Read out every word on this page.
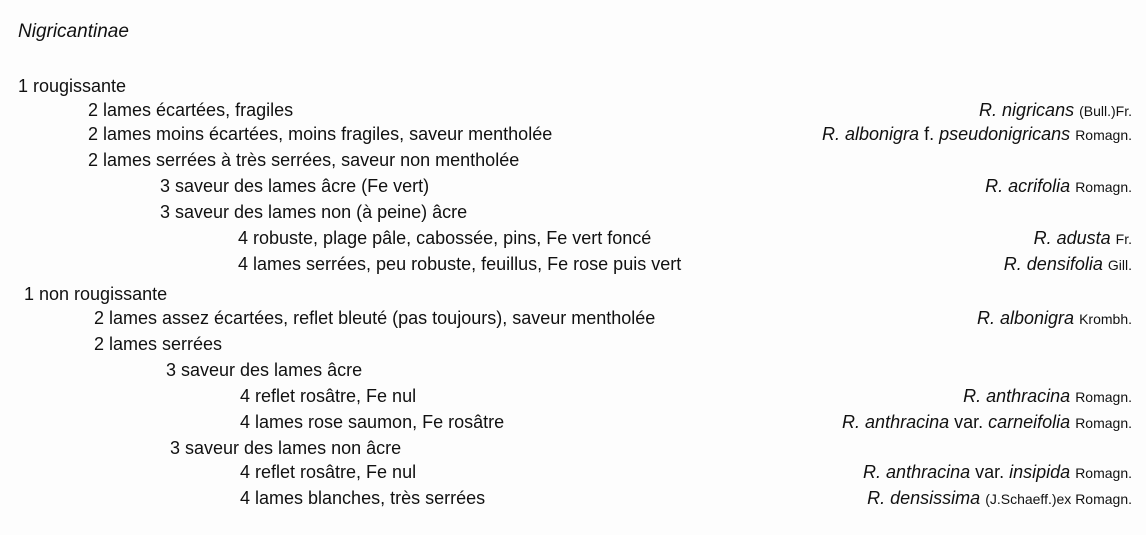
Nigricantinae
1 rougissante
2 lames écartées, fragiles	R. nigricans (Bull.)Fr.
2 lames moins écartées, moins fragiles, saveur mentholée	R. albonigra f. pseudonigricans Romagn.
2 lames serrées à très serrées, saveur non mentholée
3 saveur des lames âcre (Fe vert)	R. acrifolia Romagn.
3 saveur des lames non (à peine) âcre
4 robuste, plage pâle, cabossée, pins, Fe vert foncé	R. adusta Fr.
4 lames serrées, peu robuste, feuillus, Fe rose puis vert	R. densifolia Gill.
1 non rougissante
2 lames assez écartées, reflet bleuté (pas toujours), saveur mentholée	R. albonigra Krombh.
2 lames serrées
3 saveur des lames âcre
4 reflet rosâtre, Fe nul	R. anthracina Romagn.
4 lames rose saumon, Fe rosâtre	R. anthracina var. carneifolia Romagn.
3 saveur des lames non âcre
4 reflet rosâtre, Fe nul	R. anthracina var. insipida Romagn.
4 lames blanches, très serrées	R. densissima (J.Schaeff.)ex Romagn.
